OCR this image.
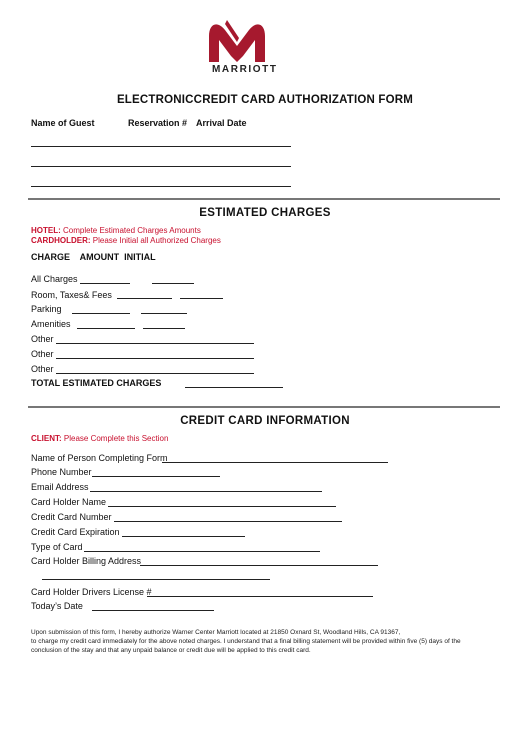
MARRIOTT
ELECTRONICCREDIT CARD AUTHORIZATION FORM
Name of Guest	Reservation # Arrival Date
ESTIMATED CHARGES
HOTEL: Complete Estimated Charges Amounts
CARDHOLDER: Please Initial all Authorized Charges
CHARGE    AMOUNT  INITIAL
All Charges
Room, Taxes& Fees
Parking
Amenities
Other
Other
Other
TOTAL ESTIMATED CHARGES
CREDIT CARD INFORMATION
CLIENT: Please Complete this Section
Name of Person Completing Form
Phone Number
Email Address
Card Holder Name
Credit Card Number
Credit Card Expiration
Type of Card
Card Holder Billing Address
Card Holder Drivers License #
Today’s Date
Upon submission of this form, I hereby authorize Warner Center Marriott located at 21850 Oxnard St, Woodland Hills, CA 91367,
to charge my credit card immediately for the above noted charges. I understand that a final billing statement will be provided within five (5) days of the
conclusion of the stay and that any unpaid balance or credit due will be applied to this credit card.
